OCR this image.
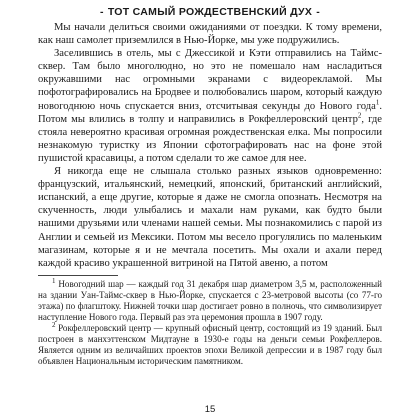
- ТОТ САМЫЙ РОЖДЕСТВЕНСКИЙ ДУХ -

Мы начали делиться своими ожиданиями от поездки. К тому времени, как наш самолет приземлился в Нью-Йорке, мы уже подружились.

Заселившись в отель, мы с Джессикой и Кэти отправились на Таймс-сквер. Там было многолюдно, но это не помешало нам насладиться окружавшими нас огромными экранами с видеорекламой. Мы пофотографировались на Бродвее и полюбовались шаром, который каждую новогоднюю ночь спускается вниз, отсчитывая секунды до Нового года$^1$. Потом мы влились в толпу и направились в Рокфеллеровский центр$^2$, где стояла невероятно красивая огромная рождественская елка. Мы попросили незнакомую туристку из Японии сфотографировать нас на фоне этой пушистой красавицы, а потом сделали то же самое для нее.

Я никогда еще не слышала столько разных языков одновременно: французский, итальянский, немецкий, японский, британский английский, испанский, а еще другие, которые я даже не смогла опознать. Несмотря на скученность, люди улыбались и махали нам руками, как будто были нашими друзьями или членами нашей семьи. Мы познакомились с парой из Англии и семьей из Мексики. Потом мы весело прогулялись по маленьким магазинам, которые я и не мечтала посетить. Мы охали и ахали перед каждой красиво украшенной витриной на Пятой авеню, а потом

$^1$ Новогодний шар — каждый год 31 декабря шар диаметром 3,5 м, расположенный на здании Уан-Таймс-сквер в Нью-Йорке, спускается с 23-метровой высоты (со 77-го этажа) по флагштоку. Нижней точки шар достигает ровно в полночь, что символизирует наступление Нового года. Первый раз эта церемония прошла в 1907 году.

$^2$ Рокфеллеровский центр — крупный офисный центр, состоящий из 19 зданий. Был построен в манхэттенском Мидтауне в 1930-е годы на деньги семьи Рокфеллеров. Является одним из величайших проектов эпохи Великой депрессии и в 1987 году был объявлен Национальным историческим памятником.

15
